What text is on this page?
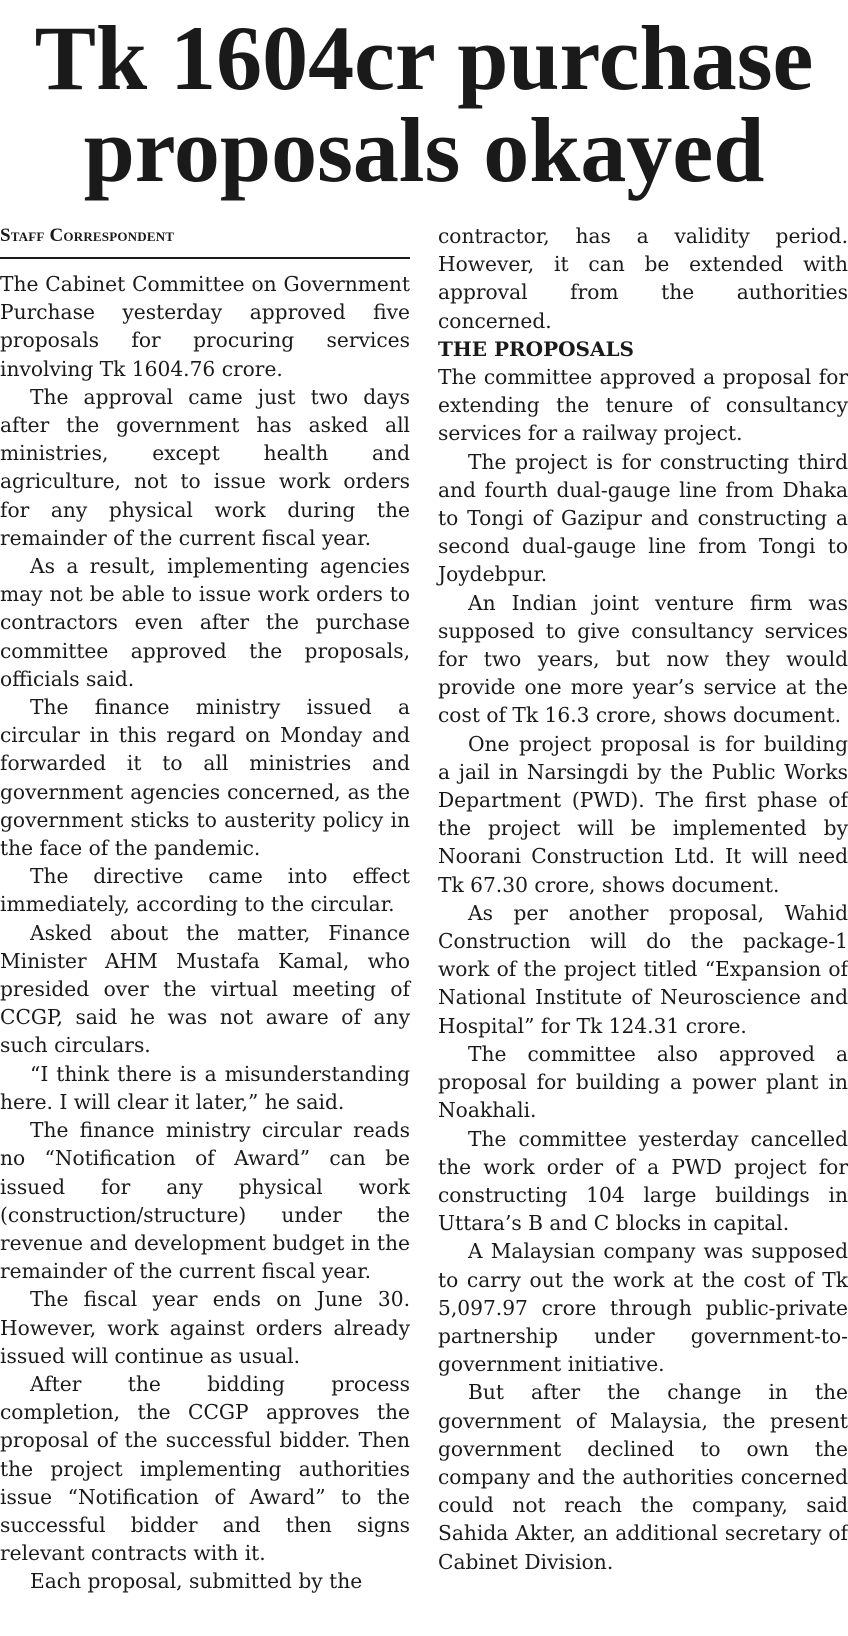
Tk 1604cr purchase
proposals okayed
Staff Correspondent

The Cabinet Committee on Government Purchase yesterday approved five proposals for procuring services involving Tk 1604.76 crore.

The approval came just two days after the government has asked all ministries, except health and agriculture, not to issue work orders for any physical work during the remainder of the current fiscal year.

As a result, implementing agencies may not be able to issue work orders to contractors even after the purchase committee approved the proposals, officials said.

The finance ministry issued a circular in this regard on Monday and forwarded it to all ministries and government agencies concerned, as the government sticks to austerity policy in the face of the pandemic.

The directive came into effect immediately, according to the circular.

Asked about the matter, Finance Minister AHM Mustafa Kamal, who presided over the virtual meeting of CCGP, said he was not aware of any such circulars.

“I think there is a misunderstanding here. I will clear it later,” he said.

The finance ministry circular reads no “Notification of Award” can be issued for any physical work (construction/structure) under the revenue and development budget in the remainder of the current fiscal year.

The fiscal year ends on June 30. However, work against orders already issued will continue as usual.

After the bidding process completion, the CCGP approves the proposal of the successful bidder. Then the project implementing authorities issue “Notification of Award” to the successful bidder and then signs relevant contracts with it.

Each proposal, submitted by the

contractor, has a validity period. However, it can be extended with approval from the authorities concerned.

THE PROPOSALS

The committee approved a proposal for extending the tenure of consultancy services for a railway project.

The project is for constructing third and fourth dual-gauge line from Dhaka to Tongi of Gazipur and constructing a second dual-gauge line from Tongi to Joydebpur.

An Indian joint venture firm was supposed to give consultancy services for two years, but now they would provide one more year’s service at the cost of Tk 16.3 crore, shows document.

One project proposal is for building a jail in Narsingdi by the Public Works Department (PWD). The first phase of the project will be implemented by Noorani Construction Ltd. It will need Tk 67.30 crore, shows document.

As per another proposal, Wahid Construction will do the package-1 work of the project titled “Expansion of National Institute of Neuroscience and Hospital” for Tk 124.31 crore.

The committee also approved a proposal for building a power plant in Noakhali.

The committee yesterday cancelled the work order of a PWD project for constructing 104 large buildings in Uttara’s B and C blocks in capital.

A Malaysian company was supposed to carry out the work at the cost of Tk 5,097.97 crore through public-private partnership under government-to-government initiative.

But after the change in the government of Malaysia, the present government declined to own the company and the authorities concerned could not reach the company, said Sahida Akter, an additional secretary of Cabinet Division.
